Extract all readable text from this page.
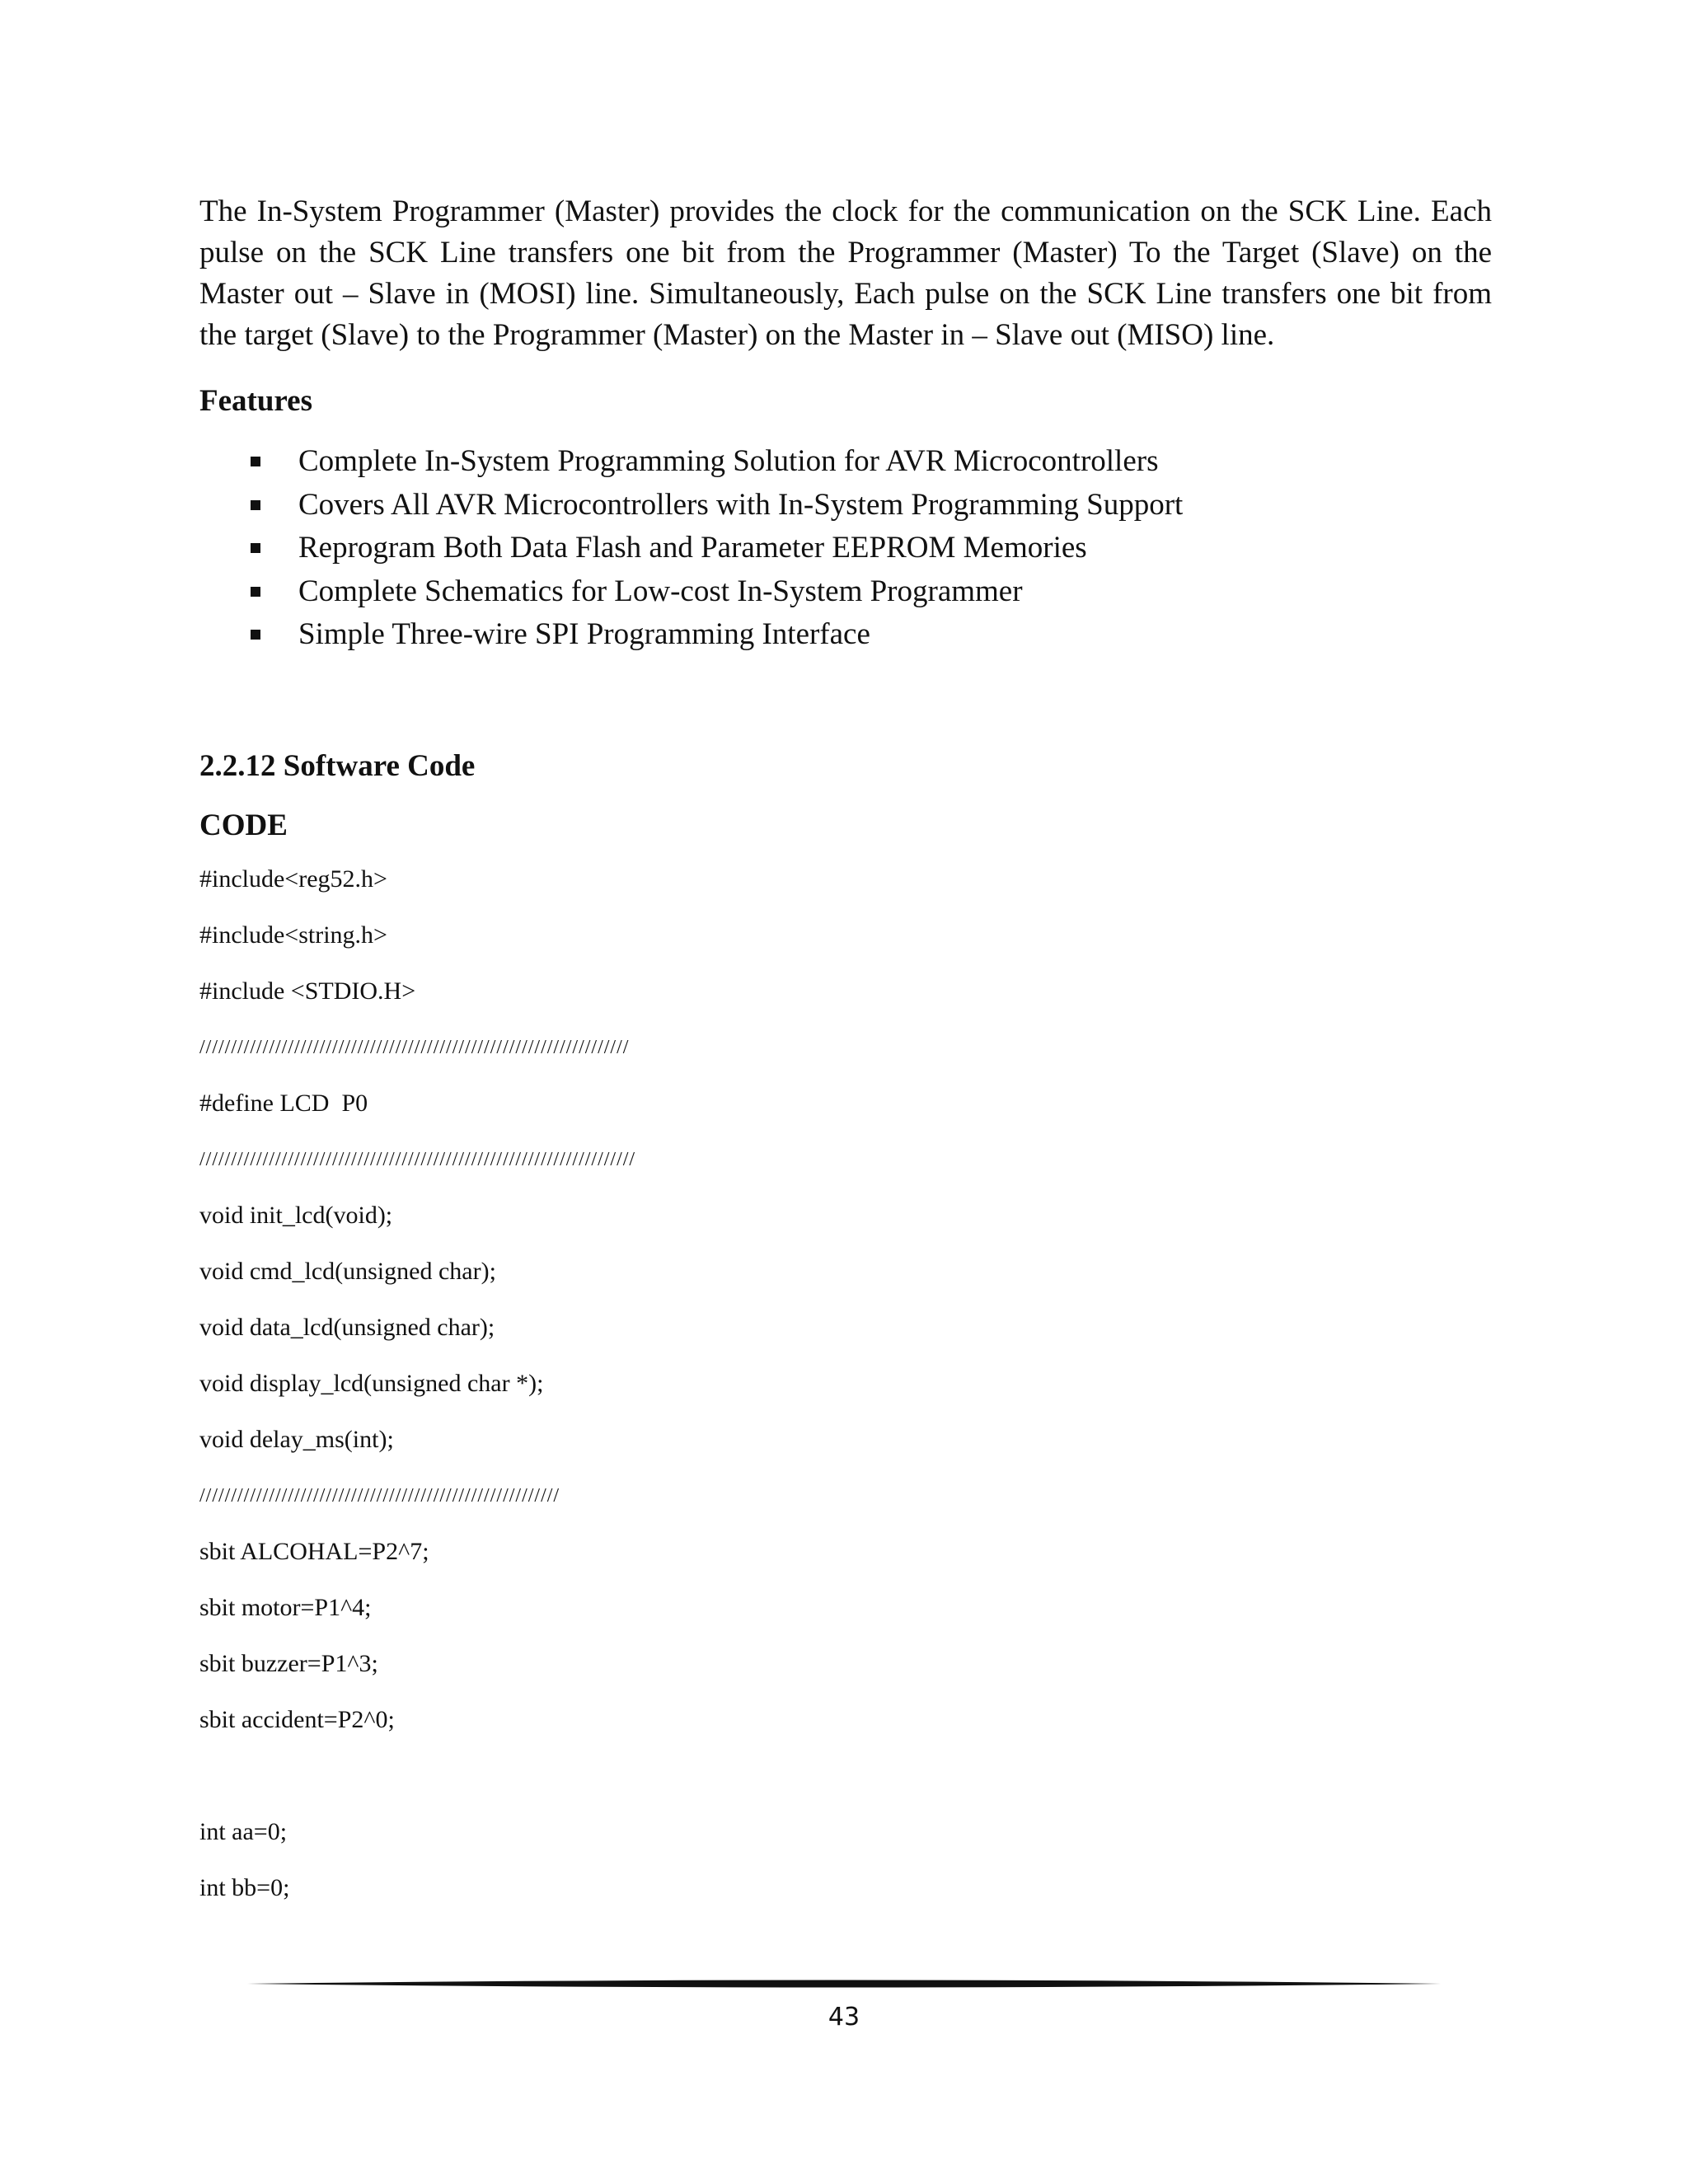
The In-System Programmer (Master) provides the clock for the communication on the SCK Line. Each pulse on the SCK Line transfers one bit from the Programmer (Master) To the Target (Slave) on the Master out – Slave in (MOSI) line. Simultaneously, Each pulse on the SCK Line transfers one bit from the target (Slave) to the Programmer (Master) on the Master in – Slave out (MISO) line.

Features
Complete In-System Programming Solution for AVR Microcontrollers
Covers All AVR Microcontrollers with In-System Programming Support
Reprogram Both Data Flash and Parameter EEPROM Memories
Complete Schematics for Low-cost In-System Programmer
Simple Three-wire SPI Programming Interface
2.2.12 Software Code
CODE
#include<reg52.h>
#include<string.h>
#include <STDIO.H>
////////////////////////////////////////////////////////////////////
#define LCD  P0
/////////////////////////////////////////////////////////////////////
void init_lcd(void);
void cmd_lcd(unsigned char);
void data_lcd(unsigned char);
void display_lcd(unsigned char *);
void delay_ms(int);
/////////////////////////////////////////////////////////
sbit ALCOHAL=P2^7;
sbit motor=P1^4;
sbit buzzer=P1^3;
sbit accident=P2^0;
int aa=0;
int bb=0;
43
